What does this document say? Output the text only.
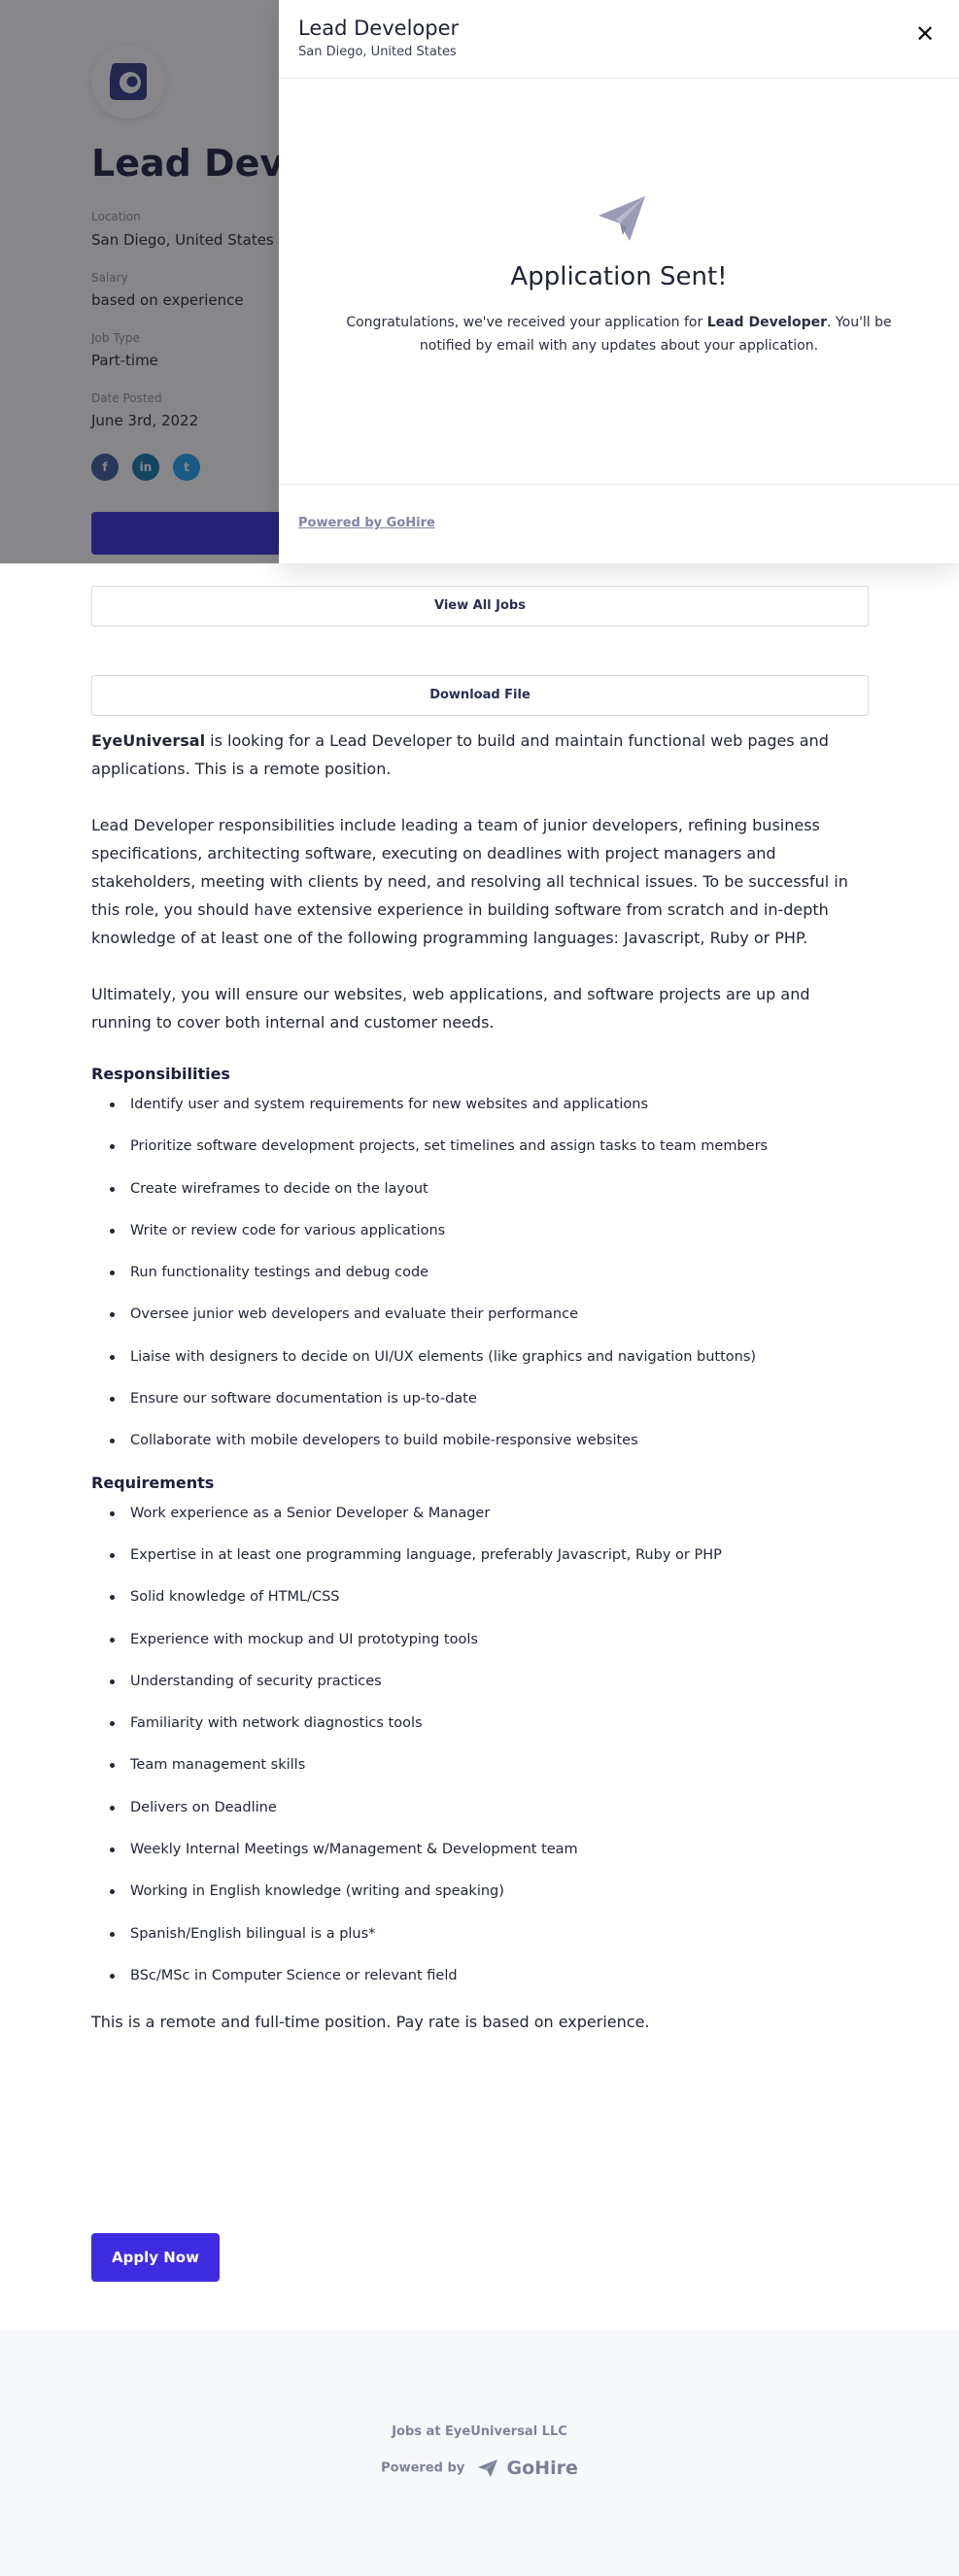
View All Jobs
Download File

EyeUniversal is looking for a Lead Developer to build and maintain functional web pages and applications. This is a remote position.

Lead Developer responsibilities include leading a team of junior developers, refining business specifications, architecting software, executing on deadlines with project managers and stakeholders, meeting with clients by need, and resolving all technical issues. To be successful in this role, you should have extensive experience in building software from scratch and in-depth knowledge of at least one of the following programming languages: Javascript, Ruby or PHP.

Ultimately, you will ensure our websites, web applications, and software projects are up and running to cover both internal and customer needs.

Responsibilities
Identify user and system requirements for new websites and applications
Prioritize software development projects, set timelines and assign tasks to team members
Create wireframes to decide on the layout
Write or review code for various applications
Run functionality testings and debug code
Oversee junior web developers and evaluate their performance
Liaise with designers to decide on UI/UX elements (like graphics and navigation buttons)
Ensure our software documentation is up-to-date
Collaborate with mobile developers to build mobile-responsive websites
Requirements
Work experience as a Senior Developer & Manager
Expertise in at least one programming language, preferably Javascript, Ruby or PHP
Solid knowledge of HTML/CSS
Experience with mockup and UI prototyping tools
Understanding of security practices
Familiarity with network diagnostics tools
Team management skills
Delivers on Deadline
Weekly Internal Meetings w/Management & Development team
Working in English knowledge (writing and speaking)
Spanish/English bilingual is a plus*
BSc/MSc in Computer Science or relevant field

This is a remote and full-time position. Pay rate is based on experience.

Apply Now
Jobs at EyeUniversal LLC
Powered by GoHire
Lead Developer
San Diego, United States
✕
Application Sent!

Congratulations, we've received your application for Lead Developer. You'll be notified by email with any updates about your application.

Powered by GoHire
